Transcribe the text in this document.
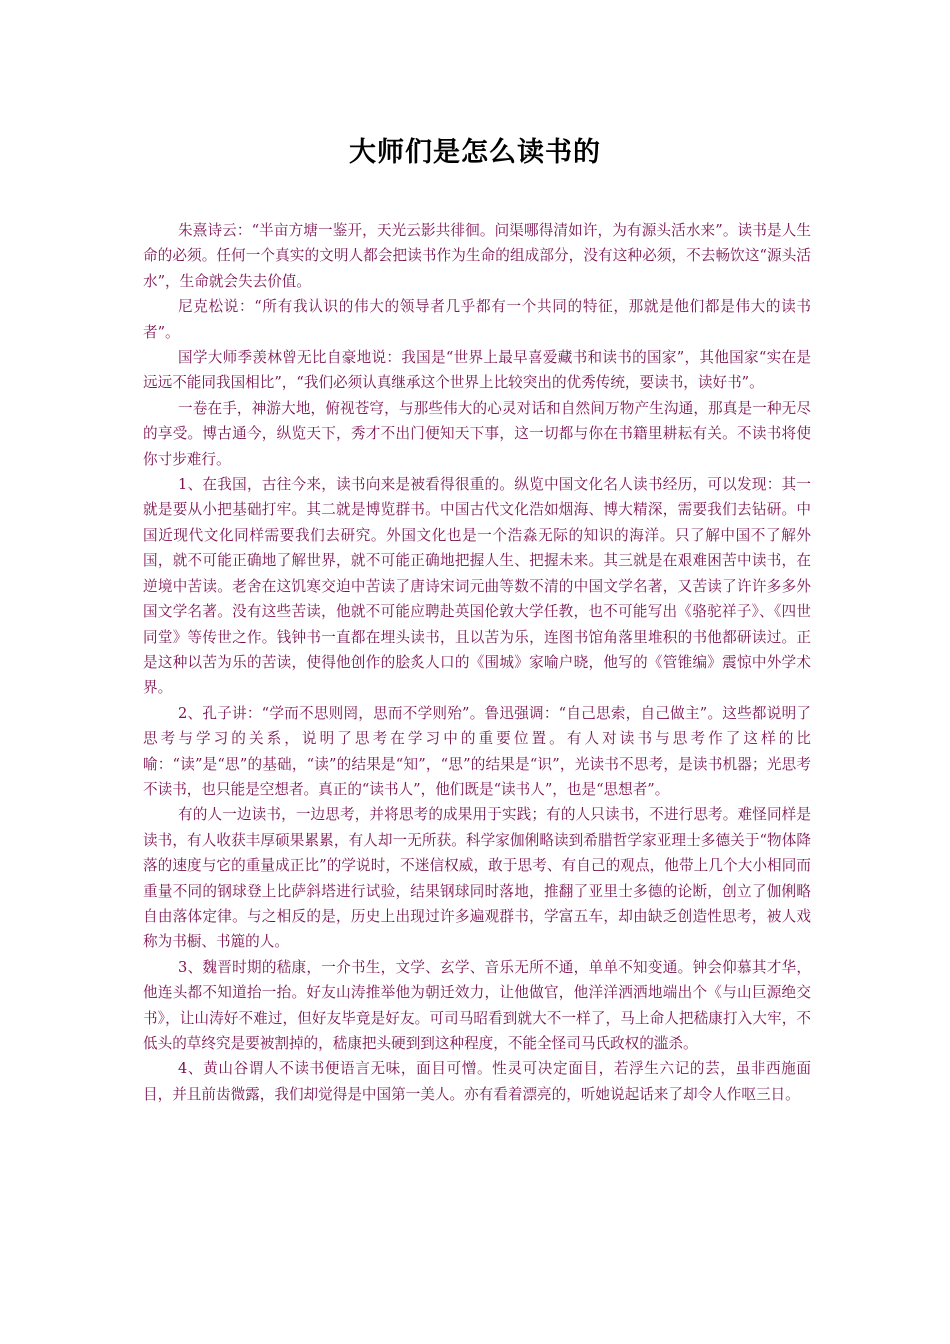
大师们是怎么读书的

朱熹诗云：“半亩方塘一鉴开，天光云影共徘徊。问渠哪得清如许，为有源头活水来”。读书是人生命的必须。任何一个真实的文明人都会把读书作为生命的组成部分，没有这种必须，不去畅饮这“源头活水”，生命就会失去价值。

尼克松说：“所有我认识的伟大的领导者几乎都有一个共同的特征，那就是他们都是伟大的读书者”。

国学大师季羡林曾无比自豪地说：我国是“世界上最早喜爱藏书和读书的国家”，其他国家“实在是远远不能同我国相比”，“我们必须认真继承这个世界上比较突出的优秀传统，要读书，读好书”。

一卷在手，神游大地，俯视苍穹，与那些伟大的心灵对话和自然间万物产生沟通，那真是一种无尽的享受。博古通今，纵览天下，秀才不出门便知天下事，这一切都与你在书籍里耕耘有关。不读书将使你寸步难行。

1、在我国，古往今来，读书向来是被看得很重的。纵览中国文化名人读书经历，可以发现：其一就是要从小把基础打牢。其二就是博览群书。中国古代文化浩如烟海、博大精深，需要我们去钻研。中国近现代文化同样需要我们去研究。外国文化也是一个浩淼无际的知识的海洋。只了解中国不了解外国，就不可能正确地了解世界，就不可能正确地把握人生、把握未来。其三就是在艰难困苦中读书，在逆境中苦读。老舍在这饥寒交迫中苦读了唐诗宋词元曲等数不清的中国文学名著，又苦读了许许多多外国文学名著。没有这些苦读，他就不可能应聘赴英国伦敦大学任教，也不可能写出《骆驼祥子》、《四世同堂》等传世之作。钱钟书一直都在埋头读书，且以苦为乐，连图书馆角落里堆积的书他都研读过。正是这种以苦为乐的苦读，使得他创作的脍炙人口的《围城》家喻户晓，他写的《管锥编》震惊中外学术界。

2、孔子讲：“学而不思则罔，思而不学则殆”。鲁迅强调：“自己思索，自己做主”。这些都说明了思考与学习的关系，说明了思考在学习中的重要位置。有人对读书与思考作了这样的比喻：“读”是“思”的基础，“读”的结果是“知”，“思”的结果是“识”，光读书不思考，是读书机器；光思考不读书，也只能是空想者。真正的“读书人”，他们既是“读书人”，也是“思想者”。

有的人一边读书，一边思考，并将思考的成果用于实践；有的人只读书，不进行思考。难怪同样是读书，有人收获丰厚硕果累累，有人却一无所获。科学家伽俐略读到希腊哲学家亚理士多德关于“物体降落的速度与它的重量成正比”的学说时，不迷信权威，敢于思考、有自己的观点，他带上几个大小相同而重量不同的钢球登上比萨斜塔进行试验，结果钢球同时落地，推翻了亚里士多德的论断，创立了伽俐略自由落体定律。与之相反的是，历史上出现过许多遍观群书，学富五车，却由缺乏创造性思考，被人戏称为书橱、书簏的人。

3、魏晋时期的嵇康，一介书生，文学、玄学、音乐无所不通，单单不知变通。钟会仰慕其才华，他连头都不知道抬一抬。好友山涛推举他为朝迁效力，让他做官，他洋洋洒洒地端出个《与山巨源绝交书》，让山涛好不难过，但好友毕竟是好友。可司马昭看到就大不一样了，马上命人把嵇康打入大牢，不低头的草终究是要被割掉的，嵇康把头硬到到这种程度，不能全怪司马氏政权的滥杀。

4、黄山谷谓人不读书便语言无味，面目可憎。性灵可决定面目，若浮生六记的芸，虽非西施面目，并且前齿微露，我们却觉得是中国第一美人。亦有看着漂亮的，听她说起话来了却令人作呕三日。
